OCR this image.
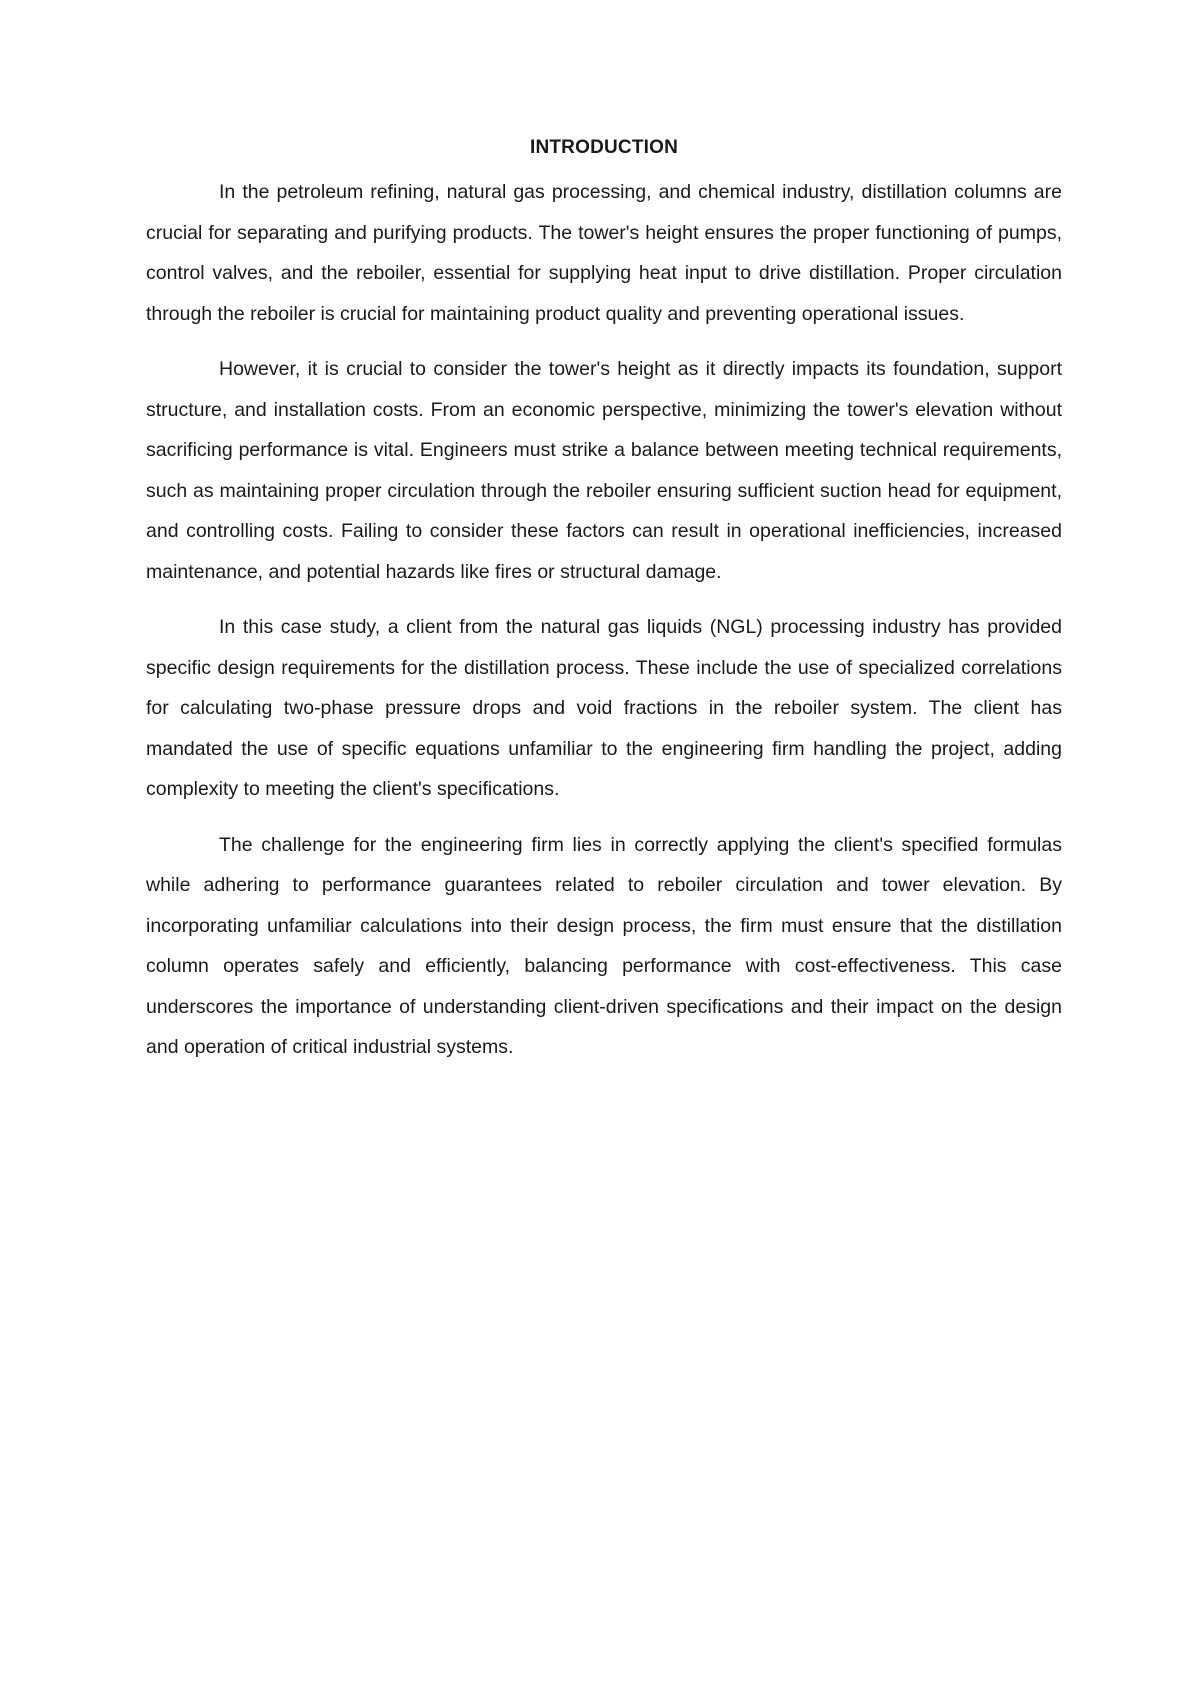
INTRODUCTION

In the petroleum refining, natural gas processing, and chemical industry, distillation columns are crucial for separating and purifying products. The tower's height ensures the proper functioning of pumps, control valves, and the reboiler, essential for supplying heat input to drive distillation. Proper circulation through the reboiler is crucial for maintaining product quality and preventing operational issues.

However, it is crucial to consider the tower's height as it directly impacts its foundation, support structure, and installation costs. From an economic perspective, minimizing the tower's elevation without sacrificing performance is vital. Engineers must strike a balance between meeting technical requirements, such as maintaining proper circulation through the reboiler ensuring sufficient suction head for equipment, and controlling costs. Failing to consider these factors can result in operational inefficiencies, increased maintenance, and potential hazards like fires or structural damage.

In this case study, a client from the natural gas liquids (NGL) processing industry has provided specific design requirements for the distillation process. These include the use of specialized correlations for calculating two-phase pressure drops and void fractions in the reboiler system. The client has mandated the use of specific equations unfamiliar to the engineering firm handling the project, adding complexity to meeting the client's specifications.

The challenge for the engineering firm lies in correctly applying the client's specified formulas while adhering to performance guarantees related to reboiler circulation and tower elevation. By incorporating unfamiliar calculations into their design process, the firm must ensure that the distillation column operates safely and efficiently, balancing performance with cost-effectiveness. This case underscores the importance of understanding client-driven specifications and their impact on the design and operation of critical industrial systems.
